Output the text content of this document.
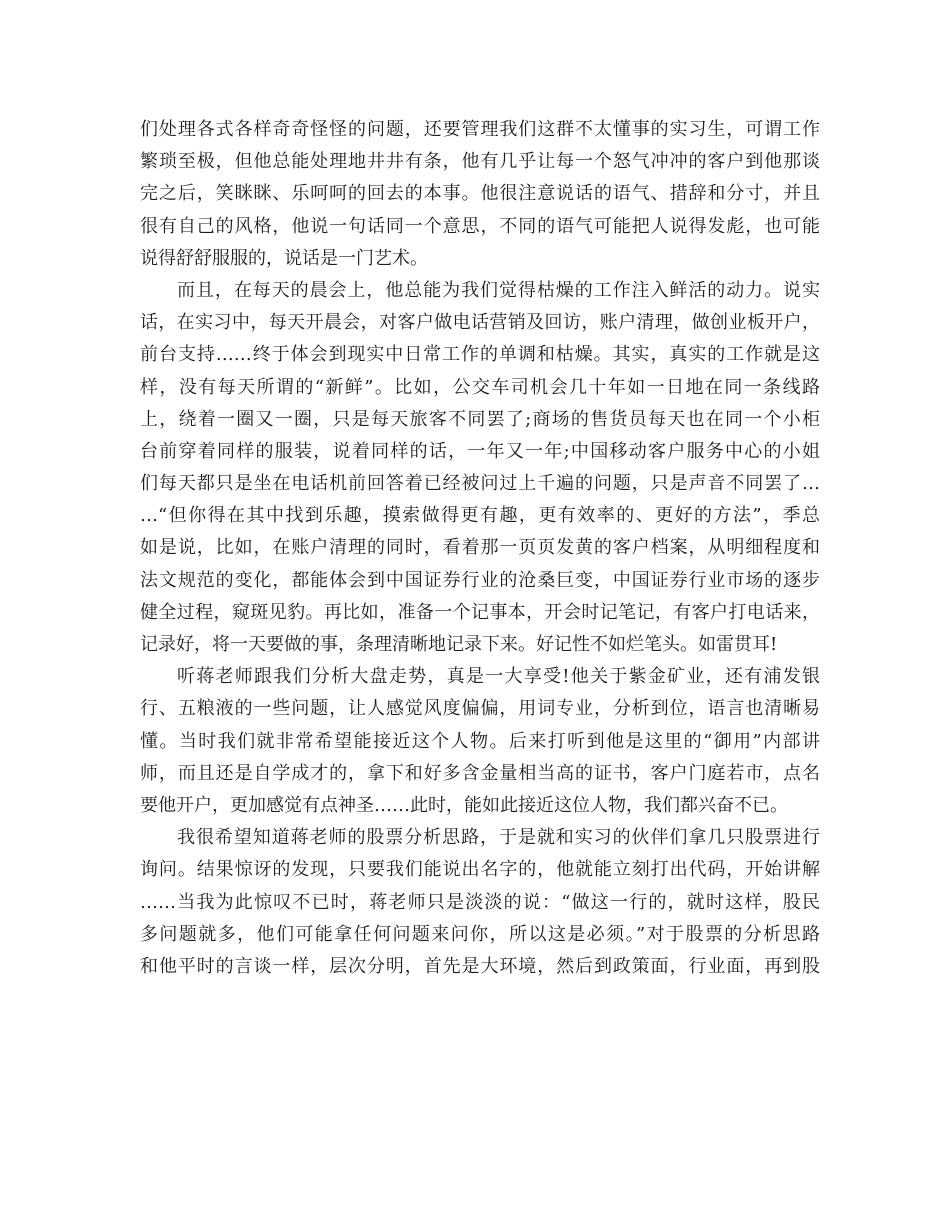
们处理各式各样奇奇怪怪的问题，还要管理我们这群不太懂事的实习生，可谓工作
繁琐至极，但他总能处理地井井有条，他有几乎让每一个怒气冲冲的客户到他那谈
完之后，笑眯眯、乐呵呵的回去的本事。他很注意说话的语气、措辞和分寸，并且
很有自己的风格，他说一句话同一个意思，不同的语气可能把人说得发彪，也可能
说得舒舒服服的，说话是一门艺术。
而且，在每天的晨会上，他总能为我们觉得枯燥的工作注入鲜活的动力。说实
话，在实习中，每天开晨会，对客户做电话营销及回访，账户清理，做创业板开户，
前台支持……终于体会到现实中日常工作的单调和枯燥。其实，真实的工作就是这
样，没有每天所谓的“新鲜”。比如，公交车司机会几十年如一日地在同一条线路
上，绕着一圈又一圈，只是每天旅客不同罢了;商场的售货员每天也在同一个小柜
台前穿着同样的服装，说着同样的话，一年又一年;中国移动客户服务中心的小姐
们每天都只是坐在电话机前回答着已经被问过上千遍的问题，只是声音不同罢了…
…“但你得在其中找到乐趣，摸索做得更有趣，更有效率的、更好的方法”，季总
如是说，比如，在账户清理的同时，看着那一页页发黄的客户档案，从明细程度和
法文规范的变化，都能体会到中国证券行业的沧桑巨变，中国证券行业市场的逐步
健全过程，窥斑见豹。再比如，准备一个记事本，开会时记笔记，有客户打电话来，
记录好，将一天要做的事，条理清晰地记录下来。好记性不如烂笔头。如雷贯耳!
听蒋老师跟我们分析大盘走势，真是一大享受!他关于紫金矿业，还有浦发银
行、五粮液的一些问题，让人感觉风度偏偏，用词专业，分析到位，语言也清晰易
懂。当时我们就非常希望能接近这个人物。后来打听到他是这里的“御用”内部讲
师，而且还是自学成才的，拿下和好多含金量相当高的证书，客户门庭若市，点名
要他开户，更加感觉有点神圣……此时，能如此接近这位人物，我们都兴奋不已。
我很希望知道蒋老师的股票分析思路，于是就和实习的伙伴们拿几只股票进行
询问。结果惊讶的发现，只要我们能说出名字的，他就能立刻打出代码，开始讲解
……当我为此惊叹不已时，蒋老师只是淡淡的说：“做这一行的，就时这样，股民
多问题就多，他们可能拿任何问题来问你，所以这是必须。”对于股票的分析思路
和他平时的言谈一样，层次分明，首先是大环境，然后到政策面，行业面，再到股
